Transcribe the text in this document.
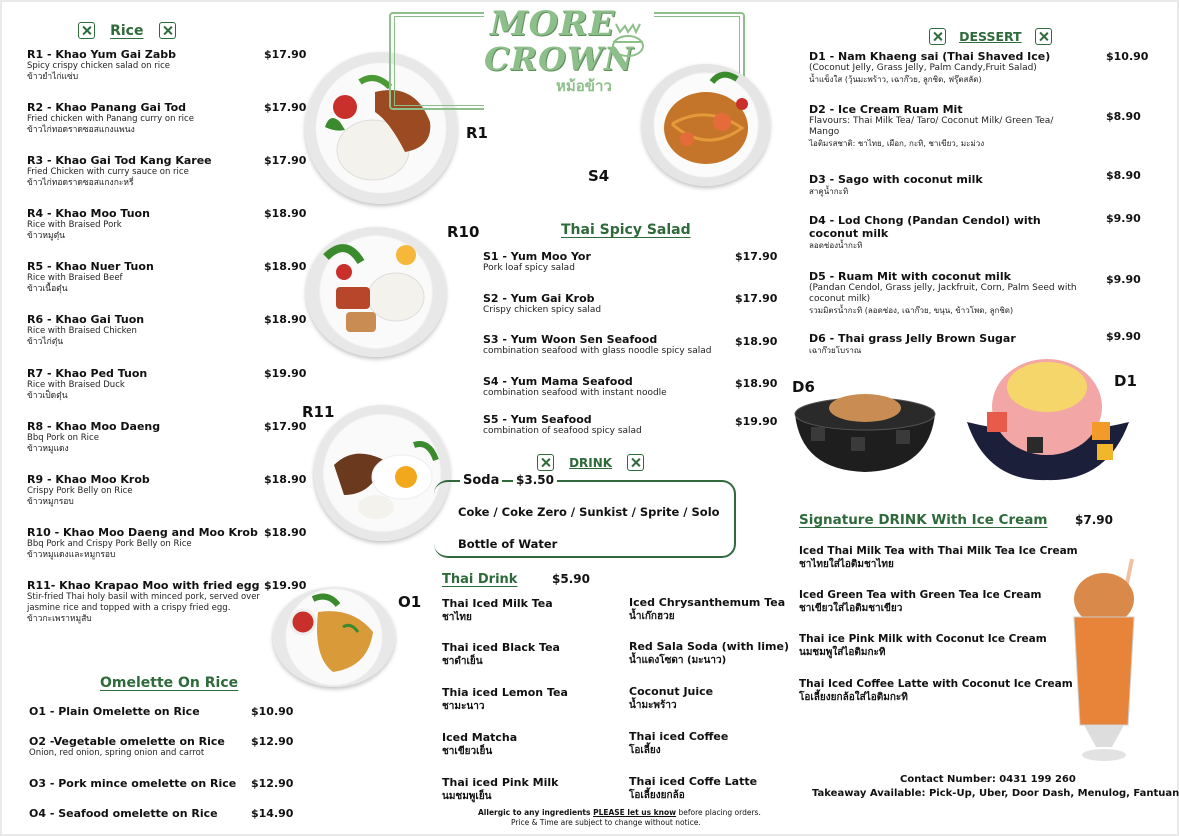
Rice
Omelette On Rice
R1
MORE
CROWN
หม้อข้าว
S4
R10
R11
O1
Thai Spicy Salad
DRINK
Soda $3.50
Coke / Coke Zero / Sunkist / Sprite / Solo
Bottle of Water
Thai Drink	$5.90
Allergic to any ingredients PLEASE let us know before placing orders.
Price & Time are subject to change without notice.
DESSERT
D6	D1
Signature DRINK With Ice Cream $7.90
Contact Number: 0431 199 260
Takeaway Available: Pick-Up, Uber, Door Dash, Menulog, Fantuan
R1 - Khao Yum Gai Zabb
Spicy crispy chicken salad on rice
ข้าวยำไก่แซ่บ
$17.90
R2 - Khao Panang Gai Tod
Fried chicken with Panang curry on rice
ข้าวไก่ทอดราดซอสแกงแพนง
$17.90
R3 - Khao Gai Tod Kang Karee
Fried Chicken with curry sauce on rice
ข้าวไก่ทอดราดซอสแกงกะหรี่
$17.90
R4 - Khao Moo Tuon
Rice with Braised Pork
ข้าวหมูตุ๋น
$18.90
R5 - Khao Nuer Tuon
Rice with Braised Beef
ข้าวเนื้อตุ๋น
$18.90
R6 - Khao Gai Tuon
Rice with Braised Chicken
ข้าวไก่ตุ๋น
$18.90
R7 - Khao Ped Tuon
Rice with Braised Duck
ข้าวเป็ดตุ๋น
$19.90
R8 - Khao Moo Daeng
Bbq Pork on Rice
ข้าวหมูแดง
$17.90
R9 - Khao Moo Krob
Crispy Pork Belly on Rice
ข้าวหมูกรอบ
$18.90
R10 - Khao Moo Daeng and Moo Krob
Bbq Pork and Crispy Pork Belly on Rice
ข้าวหมูแดงและหมูกรอบ
$18.90
R11- Khao Krapao Moo with fried egg
Stir-fried Thai holy basil with minced pork, served over jasmine rice and topped with a crispy fried egg.
ข้าวกะเพราหมูสับ
$19.90
O1 - Plain Omelette on Rice	$10.90
O2 -Vegetable omelette on Rice
Onion, red onion, spring onion and carrot
$12.90
O3 - Pork mince omelette on Rice	$12.90
O4 - Seafood omelette on Rice	$14.90
S1 - Yum Moo Yor
Pork loaf spicy salad
$17.90
S2 - Yum Gai Krob
Crispy chicken spicy salad
$17.90
S3 - Yum Woon Sen Seafood
combination seafood with glass noodle spicy salad
$18.90
S4 - Yum Mama Seafood
combination seafood with instant noodle
$18.90
S5 - Yum Seafood
combination of seafood spicy salad
$19.90
Thai Iced Milk Tea
ชาไทย
Thai iced Black Tea
ชาดำเย็น
Thia iced Lemon Tea
ชามะนาว
Iced Matcha
ชาเขียวเย็น
Thai iced Pink Milk
นมชมพูเย็น
Iced Chrysanthemum Tea
น้ำเก๊กฮวย
Red Sala Soda (with lime)
น้ำแดงโซดา (มะนาว)
Coconut Juice
น้ำมะพร้าว
Thai iced Coffee
โอเลี้ยง
Thai iced Coffe Latte
โอเลี้ยงยกล้อ
D1 - Nam Khaeng sai (Thai Shaved Ice)
(Coconut Jelly, Grass Jelly, Palm Candy,Fruit Salad)
น้ำแข็งใส (วุ้นมะพร้าว, เฉาก๊วย, ลูกชิด, ฟรุ๊ตสลัด)
$10.90
D2 - Ice Cream Ruam Mit
Flavours: Thai Milk Tea/ Taro/ Coconut Milk/ Green Tea/ Mango
ไอติมรสชาติ: ชาไทย, เผือก, กะทิ, ชาเขียว, มะม่วง
$8.90
D3 - Sago with coconut milk
สาคูน้ำกะทิ
$8.90
D4 - Lod Chong (Pandan Cendol) with coconut milk
ลอดช่องน้ำกะทิ
$9.90
D5 - Ruam Mit with coconut milk
(Pandan Cendol, Grass jelly, Jackfruit, Corn, Palm Seed with coconut milk)
รวมมิตรน้ำกะทิ (ลอดช่อง, เฉาก๊วย, ขนุน, ข้าวโพด, ลูกชิด)
$9.90
D6 - Thai grass Jelly Brown Sugar
เฉาก๊วยโบราณ
$9.90
Iced Thai Milk Tea with Thai Milk Tea Ice Cream
ชาไทยใส่ไอติมชาไทย
Iced Green Tea with Green Tea Ice Cream
ชาเขียวใส่ไอติมชาเขียว
Thai ice Pink Milk with Coconut Ice Cream
นมชมพูใส่ไอติมกะทิ
Thai Iced Coffee Latte with Coconut Ice Cream
โอเลี้ยงยกล้อใส่ไอติมกะทิ
